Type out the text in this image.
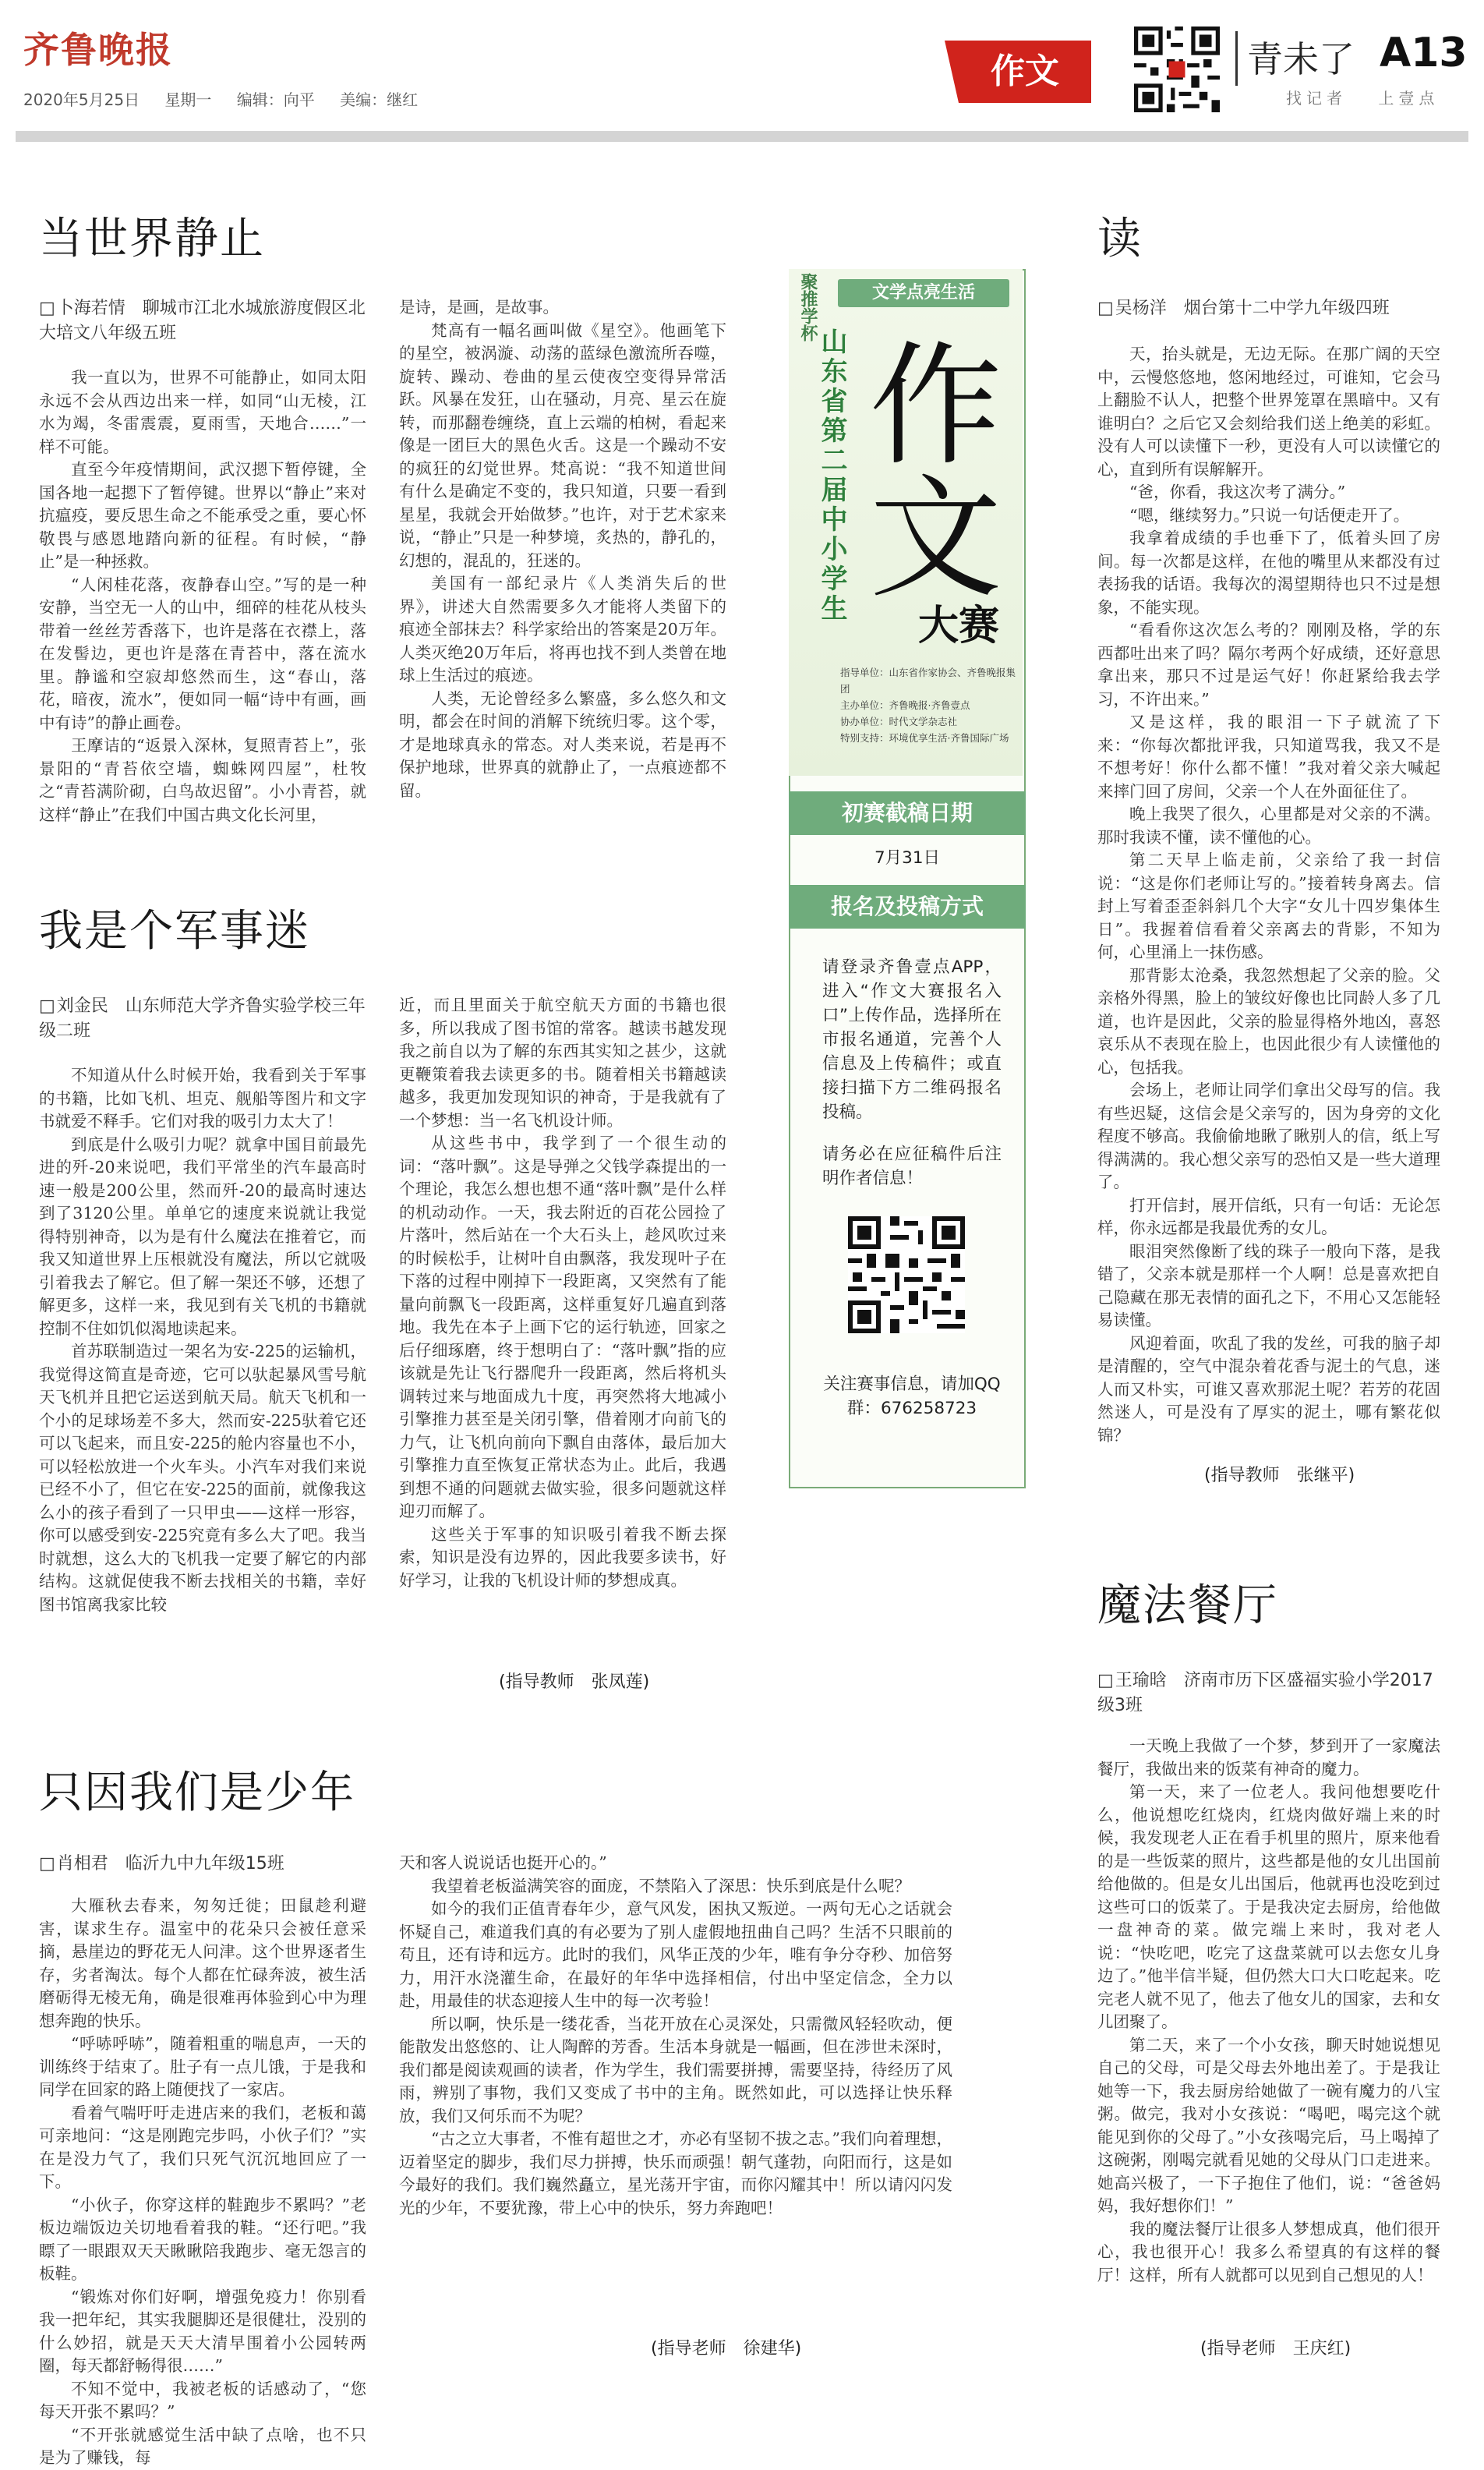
齐鲁晚报
2020年5月25日 星期一 编辑：向平 美编：继红
作文	青未了 A13
找记者 上壹点
当世界静止
□ 卜海若情　聊城市江北水城旅游度假区北大培文八年级五班

我一直以为，世界不可能静止，如同太阳永远不会从西边出来一样，如同“山无棱，江水为竭，冬雷震震，夏雨雪，天地合……”一样不可能。

直至今年疫情期间，武汉摁下暂停键，全国各地一起摁下了暂停键。世界以“静止”来对抗瘟疫，要反思生命之不能承受之重，要心怀敬畏与感恩地踏向新的征程。有时候，“静止”是一种拯救。

“人闲桂花落，夜静春山空。”写的是一种安静，当空无一人的山中，细碎的桂花从枝头带着一丝丝芳香落下，也许是落在衣襟上，落在发髻边，更也许是落在青苔中，落在流水里。静谧和空寂却悠然而生，这“春山，落花，暗夜，流水”，便如同一幅“诗中有画，画中有诗”的静止画卷。

王摩诘的“返景入深林，复照青苔上”，张景阳的“青苔依空墙，蜘蛛网四屋”，杜牧之“青苔满阶砌，白鸟故迟留”。小小青苔，就这样“静止”在我们中国古典文化长河里，

是诗，是画，是故事。

梵高有一幅名画叫做《星空》。他画笔下的星空，被涡漩、动荡的蓝绿色激流所吞噬，旋转、躁动、卷曲的星云使夜空变得异常活跃。风暴在发狂，山在骚动，月亮、星云在旋转，而那翻卷缠绕，直上云端的柏树，看起来像是一团巨大的黑色火舌。这是一个躁动不安的疯狂的幻觉世界。梵高说：“我不知道世间有什么是确定不变的，我只知道，只要一看到星星，我就会开始做梦。”也许，对于艺术家来说，“静止”只是一种梦境，炙热的，静孔的，幻想的，混乱的，狂迷的。

美国有一部纪录片《人类消失后的世界》，讲述大自然需要多久才能将人类留下的痕迹全部抹去？科学家给出的答案是20万年。人类灭绝20万年后，将再也找不到人类曾在地球上生活过的痕迹。

人类，无论曾经多么繁盛，多么悠久和文明，都会在时间的消解下统统归零。这个零，才是地球真永的常态。对人类来说，若是再不保护地球，世界真的就静止了，一点痕迹都不留。

我是个军事迷
□ 刘金民　山东师范大学齐鲁实验学校三年级二班

不知道从什么时候开始，我看到关于军事的书籍，比如飞机、坦克、舰船等图片和文字书就爱不释手。它们对我的吸引力太大了！

到底是什么吸引力呢？就拿中国目前最先进的歼-20来说吧，我们平常坐的汽车最高时速一般是200公里，然而歼-20的最高时速达到了3120公里。单单它的速度来说就让我觉得特别神奇，以为是有什么魔法在推着它，而我又知道世界上压根就没有魔法，所以它就吸引着我去了解它。但了解一架还不够，还想了解更多，这样一来，我见到有关飞机的书籍就控制不住如饥似渴地读起来。

首苏联制造过一架名为安-225的运输机，我觉得这简直是奇迹，它可以驮起暴风雪号航天飞机并且把它运送到航天局。航天飞机和一个小的足球场差不多大，然而安-225驮着它还可以飞起来，而且安-225的舱内容量也不小，可以轻松放进一个火车头。小汽车对我们来说已经不小了，但它在安-225的面前，就像我这么小的孩子看到了一只甲虫——这样一形容，你可以感受到安-225究竟有多么大了吧。我当时就想，这么大的飞机我一定要了解它的内部结构。这就促使我不断去找相关的书籍，幸好图书馆离我家比较

近，而且里面关于航空航天方面的书籍也很多，所以我成了图书馆的常客。越读书越发现我之前自以为了解的东西其实知之甚少，这就更鞭策着我去读更多的书。随着相关书籍越读越多，我更加发现知识的神奇，于是我就有了一个梦想：当一名飞机设计师。

从这些书中，我学到了一个很生动的词：“落叶飘”。这是导弹之父钱学森提出的一个理论，我怎么想也想不通“落叶飘”是什么样的机动动作。一天，我去附近的百花公园捡了片落叶，然后站在一个大石头上，趁风吹过来的时候松手，让树叶自由飘落，我发现叶子在下落的过程中刚掉下一段距离，又突然有了能量向前飘飞一段距离，这样重复好几遍直到落地。我先在本子上画下它的运行轨迹，回家之后仔细琢磨，终于想明白了：“落叶飘”指的应该就是先让飞行器爬升一段距离，然后将机头调转过来与地面成九十度，再突然将大地减小引擎推力甚至是关闭引擎，借着刚才向前飞的力气，让飞机向前向下飘自由落体，最后加大引擎推力直至恢复正常状态为止。此后，我遇到想不通的问题就去做实验，很多问题就这样迎刃而解了。

这些关于军事的知识吸引着我不断去探索，知识是没有边界的，因此我要多读书，好好学习，让我的飞机设计师的梦想成真。

(指导教师　张凤莲)
只因我们是少年
□ 肖相君　临沂九中九年级15班

大雁秋去春来，匆匆迁徙；田鼠趁利避害，谋求生存。温室中的花朵只会被任意采摘，悬崖边的野花无人问津。这个世界逐者生存，劣者淘汰。每个人都在忙碌奔波，被生活磨砺得无棱无角，确是很难再体验到心中为理想奔跑的快乐。

“呼哧呼哧”，随着粗重的喘息声，一天的训练终于结束了。肚子有一点儿饿，于是我和同学在回家的路上随便找了一家店。

看着气喘吁吁走进店来的我们，老板和蔼可亲地问：“这是刚跑完步吗，小伙子们？”实在是没力气了，我们只死气沉沉地回应了一下。

“小伙子，你穿这样的鞋跑步不累吗？”老板边端饭边关切地看着我的鞋。“还行吧。”我瞟了一眼跟双天天瞅瞅陪我跑步、毫无怨言的板鞋。

“锻炼对你们好啊，增强免疫力！你别看我一把年纪，其实我腿脚还是很健壮，没别的什么妙招，就是天天大清早围着小公园转两圈，每天都舒畅得很……”

不知不觉中，我被老板的话感动了，“您每天开张不累吗？”

“不开张就感觉生活中缺了点啥，也不只是为了赚钱，每

天和客人说说话也挺开心的。”

我望着老板溢满笑容的面庞，不禁陷入了深思：快乐到底是什么呢？

如今的我们正值青春年少，意气风发，困执又叛逆。一两句无心之话就会怀疑自己，难道我们真的有必要为了别人虚假地扭曲自己吗？生活不只眼前的苟且，还有诗和远方。此时的我们，风华正茂的少年，唯有争分夺秒、加倍努力，用汗水浇灌生命，在最好的年华中选择相信，付出中坚定信念，全力以赴，用最佳的状态迎接人生中的每一次考验！

所以啊，快乐是一缕花香，当花开放在心灵深处，只需微风轻轻吹动，便能散发出悠悠的、让人陶醉的芳香。生活本身就是一幅画，但在涉世未深时，我们都是阅读观画的读者，作为学生，我们需要拼搏，需要坚持，待经历了风雨，辨别了事物，我们又变成了书中的主角。既然如此，可以选择让快乐释放，我们又何乐而不为呢？

“古之立大事者，不惟有超世之才，亦必有坚韧不拔之志。”我们向着理想，迈着坚定的脚步，我们尽力拼搏，快乐而顽强！朝气蓬勃，向阳而行，这是如今最好的我们。我们巍然矗立，星光荡开宇宙，而你闪耀其中！所以请闪闪发光的少年，不要犹豫，带上心中的快乐，努力奔跑吧！

(指导老师　徐建华)
文学点亮生活
聚推学杯
山东省第二届中小学生 作文
大赛
指导单位：山东省作家协会、齐鲁晚报集团
主办单位：齐鲁晚报·齐鲁壹点
协办单位：时代文学杂志社
特别支持：环境优享生活·齐鲁国际广场
初赛截稿日期
7月31日
报名及投稿方式
请登录齐鲁壹点APP，进入“作文大赛报名入口”上传作品，选择所在市报名通道，完善个人信息及上传稿件；或直接扫描下方二维码报名投稿。
请务必在应征稿件后注明作者信息！
关注赛事信息，请加QQ群：676258723
读
□ 吴杨洋　烟台第十二中学九年级四班

天，抬头就是，无边无际。在那广阔的天空中，云慢悠悠地，悠闲地经过，可谁知，它会马上翻脸不认人，把整个世界笼罩在黑暗中。又有谁明白？之后它又会刻给我们送上绝美的彩虹。没有人可以读懂下一秒，更没有人可以读懂它的心，直到所有误解解开。

“爸，你看，我这次考了满分。”

“嗯，继续努力。”只说一句话便走开了。

我拿着成绩的手也垂下了，低着头回了房间。每一次都是这样，在他的嘴里从来都没有过表扬我的话语。我每次的渴望期待也只不过是想象，不能实现。

“看看你这次怎么考的？刚刚及格，学的东西都吐出来了吗？隔尔考两个好成绩，还好意思拿出来，那只不过是运气好！你赶紧给我去学习，不许出来。”

又是这样，我的眼泪一下子就流了下来：“你每次都批评我，只知道骂我，我又不是不想考好！你什么都不懂！”我对着父亲大喊起来摔门回了房间，父亲一个人在外面征住了。

晚上我哭了很久，心里都是对父亲的不满。那时我读不懂，读不懂他的心。

第二天早上临走前，父亲给了我一封信说：“这是你们老师让写的。”接着转身离去。信封上写着歪歪斜斜几个大字“女儿十四岁集体生日”。我握着信看着父亲离去的背影，不知为何，心里涌上一抹伤感。

那背影太沧桑，我忽然想起了父亲的脸。父亲格外得黑，脸上的皱纹好像也比同龄人多了几道，也许是因此，父亲的脸显得格外地凶，喜怒哀乐从不表现在脸上，也因此很少有人读懂他的心，包括我。

会场上，老师让同学们拿出父母写的信。我有些迟疑，这信会是父亲写的，因为身旁的文化程度不够高。我偷偷地瞅了瞅别人的信，纸上写得满满的。我心想父亲写的恐怕又是一些大道理了。

打开信封，展开信纸，只有一句话：无论怎样，你永远都是我最优秀的女儿。

眼泪突然像断了线的珠子一般向下落，是我错了，父亲本就是那样一个人啊！总是喜欢把自己隐藏在那无表情的面孔之下，不用心又怎能轻易读懂。

风迎着面，吹乱了我的发丝，可我的脑子却是清醒的，空气中混杂着花香与泥土的气息，迷人而又朴实，可谁又喜欢那泥土呢？若芳的花固然迷人，可是没有了厚实的泥土，哪有繁花似锦？

(指导教师　张继平)
魔法餐厅
□ 王瑜晗　济南市历下区盛福实验小学2017级3班

一天晚上我做了一个梦，梦到开了一家魔法餐厅，我做出来的饭菜有神奇的魔力。

第一天，来了一位老人。我问他想要吃什么，他说想吃红烧肉，红烧肉做好端上来的时候，我发现老人正在看手机里的照片，原来他看的是一些饭菜的照片，这些都是他的女儿出国前给他做的。但是女儿出国后，他就再也没吃到过这些可口的饭菜了。于是我决定去厨房，给他做一盘神奇的菜。做完端上来时，我对老人说：“快吃吧，吃完了这盘菜就可以去您女儿身边了。”他半信半疑，但仍然大口大口吃起来。吃完老人就不见了，他去了他女儿的国家，去和女儿团聚了。

第二天，来了一个小女孩，聊天时她说想见自己的父母，可是父母去外地出差了。于是我让她等一下，我去厨房给她做了一碗有魔力的八宝粥。做完，我对小女孩说：“喝吧，喝完这个就能见到你的父母了。”小女孩喝完后，马上喝掉了这碗粥，刚喝完就看见她的父母从门口走进来。她高兴极了，一下子抱住了他们，说：“爸爸妈妈，我好想你们！”

我的魔法餐厅让很多人梦想成真，他们很开心，我也很开心！我多么希望真的有这样的餐厅！这样，所有人就都可以见到自己想见的人！

(指导老师　王庆红)
